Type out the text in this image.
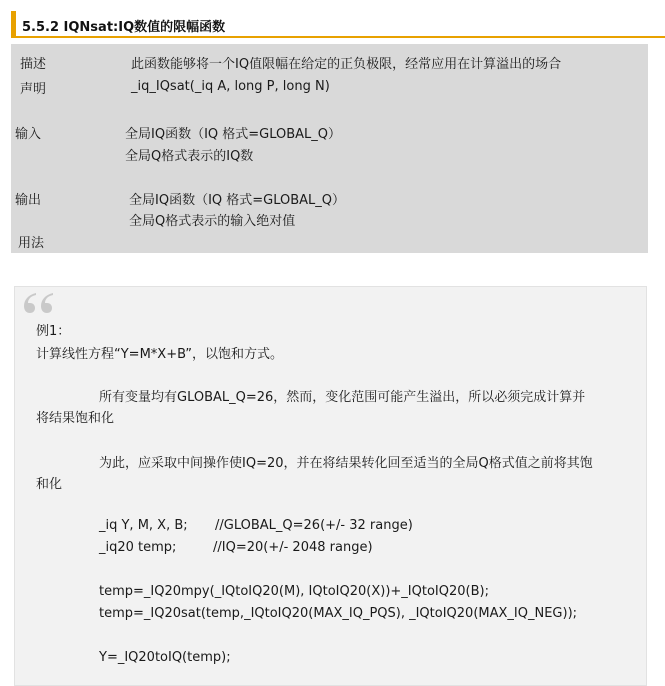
5.5.2 IQNsat:IQ数值的限幅函数
描述	此函数能够将一个IQ值限幅在给定的正负极限，经常应用在计算溢出的场合
声明	_iq_IQsat(_iq A, long P, long N)
输入	全局IQ函数（IQ 格式=GLOBAL_Q）
全局Q格式表示的IQ数
输出	全局IQ函数（IQ 格式=GLOBAL_Q）
全局Q格式表示的输入绝对值
用法
例1：
计算线性方程“Y=M*X+B”，以饱和方式。
所有变量均有GLOBAL_Q=26，然而，变化范围可能产生溢出，所以必须完成计算并
将结果饱和化
为此，应采取中间操作使IQ=20，并在将结果转化回至适当的全局Q格式值之前将其饱
和化
_iq Y, M, X, B; //GLOBAL_Q=26(+/- 32 range)
_iq20 temp;	//IQ=20(+/- 2048 range)
temp=_IQ20mpy(_IQtoIQ20(M), IQtoIQ20(X))+_IQtoIQ20(B);
temp=_IQ20sat(temp,_IQtoIQ20(MAX_IQ_PQS), _IQtoIQ20(MAX_IQ_NEG));
Y=_IQ20toIQ(temp);
